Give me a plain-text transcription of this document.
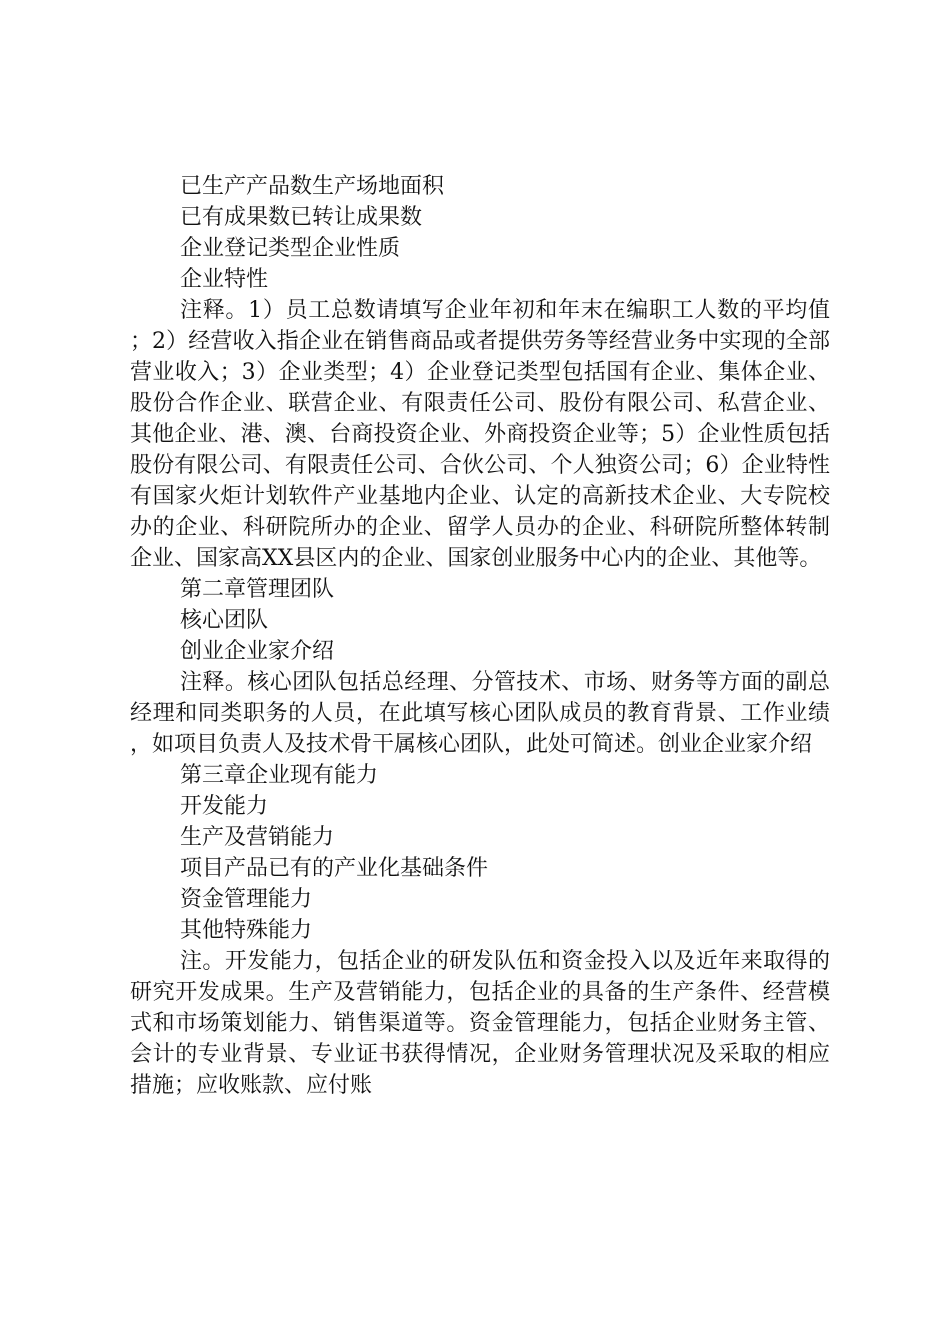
已生产产品数生产场地面积

已有成果数已转让成果数

企业登记类型企业性质

企业特性

注释。1）员工总数请填写企业年初和年末在编职工人数的平均值；2）经营收入指企业在销售商品或者提供劳务等经营业务中实现的全部营业收入；3）企业类型；4）企业登记类型包括国有企业、集体企业、股份合作企业、联营企业、有限责任公司、股份有限公司、私营企业、其他企业、港、澳、台商投资企业、外商投资企业等；5）企业性质包括股份有限公司、有限责任公司、合伙公司、个人独资公司；6）企业特性有国家火炬计划软件产业基地内企业、认定的高新技术企业、大专院校办的企业、科研院所办的企业、留学人员办的企业、科研院所整体转制企业、国家高XX县区内的企业、国家创业服务中心内的企业、其他等。

第二章管理团队

核心团队

创业企业家介绍

注释。核心团队包括总经理、分管技术、市场、财务等方面的副总经理和同类职务的人员，在此填写核心团队成员的教育背景、工作业绩，如项目负责人及技术骨干属核心团队，此处可简述。创业企业家介绍

第三章企业现有能力

开发能力

生产及营销能力

项目产品已有的产业化基础条件

资金管理能力

其他特殊能力

注。开发能力，包括企业的研发队伍和资金投入以及近年来取得的研究开发成果。生产及营销能力，包括企业的具备的生产条件、经营模式和市场策划能力、销售渠道等。资金管理能力，包括企业财务主管、会计的专业背景、专业证书获得情况，企业财务管理状况及采取的相应措施；应收账款、应付账
